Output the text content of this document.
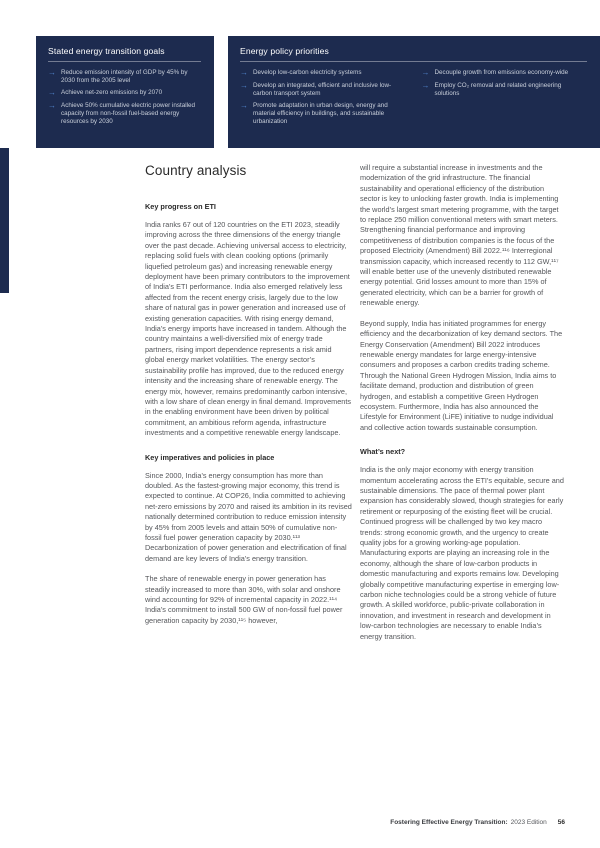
Stated energy transition goals
→ Reduce emission intensity of GDP by 45% by 2030 from the 2005 level
→ Achieve net-zero emissions by 2070
→ Achieve 50% cumulative electric power installed capacity from non-fossil fuel-based energy resources by 2030
Energy policy priorities
→ Develop low-carbon electricity systems
→ Develop an integrated, efficient and inclusive low-carbon transport system
→ Promote adaptation in urban design, energy and material efficiency in buildings, and sustainable urbanization
→ Decouple growth from emissions economy-wide
→ Employ CO₂ removal and related engineering solutions
Country analysis
Key progress on ETI

India ranks 67 out of 120 countries on the ETI 2023, steadily improving across the three dimensions of the energy triangle over the past decade. Achieving universal access to electricity, replacing solid fuels with clean cooking options (primarily liquefied petroleum gas) and increasing renewable energy deployment have been primary contributors to the improvement of India’s ETI performance. India also emerged relatively less affected from the recent energy crisis, largely due to the low share of natural gas in power generation and increased use of existing generation capacities. With rising energy demand, India’s energy imports have increased in tandem. Although the country maintains a well-diversified mix of energy trade partners, rising import dependence represents a risk amid global energy market volatilities. The energy sector’s sustainability profile has improved, due to the reduced energy intensity and the increasing share of renewable energy. The energy mix, however, remains predominantly carbon intensive, with a low share of clean energy in final demand. Improvements in the enabling environment have been driven by political commitment, an ambitious reform agenda, infrastructure investments and a competitive renewable energy landscape.

Key imperatives and policies in place

Since 2000, India’s energy consumption has more than doubled. As the fastest-growing major economy, this trend is expected to continue. At COP26, India committed to achieving net-zero emissions by 2070 and raised its ambition in its revised nationally determined contribution to reduce emission intensity by 45% from 2005 levels and attain 50% of cumulative non-fossil fuel power generation capacity by 2030.¹¹³ Decarbonization of power generation and electrification of final demand are key levers of India’s energy transition.

The share of renewable energy in power generation has steadily increased to more than 30%, with solar and onshore wind accounting for 92% of incremental capacity in 2022.¹¹⁴ India’s commitment to install 500 GW of non-fossil fuel power generation capacity by 2030,¹¹⁵ however,

will require a substantial increase in investments and the modernization of the grid infrastructure. The financial sustainability and operational efficiency of the distribution sector is key to unlocking faster growth. India is implementing the world’s largest smart metering programme, with the target to replace 250 million conventional meters with smart meters. Strengthening financial performance and improving competitiveness of distribution companies is the focus of the proposed Electricity (Amendment) Bill 2022.¹¹⁶ Interregional transmission capacity, which increased recently to 112 GW,¹¹⁷ will enable better use of the unevenly distributed renewable energy potential. Grid losses amount to more than 15% of generated electricity, which can be a barrier for growth of renewable energy.

Beyond supply, India has initiated programmes for energy efficiency and the decarbonization of key demand sectors. The Energy Conservation (Amendment) Bill 2022 introduces renewable energy mandates for large energy-intensive consumers and proposes a carbon credits trading scheme. Through the National Green Hydrogen Mission, India aims to facilitate demand, production and distribution of green hydrogen, and establish a competitive Green Hydrogen ecosystem. Furthermore, India has also announced the Lifestyle for Environment (LiFE) initiative to nudge individual and collective action towards sustainable consumption.

What’s next?

India is the only major economy with energy transition momentum accelerating across the ETI’s equitable, secure and sustainable dimensions. The pace of thermal power plant expansion has considerably slowed, though strategies for early retirement or repurposing of the existing fleet will be crucial. Continued progress will be challenged by two key macro trends: strong economic growth, and the urgency to create quality jobs for a growing working-age population. Manufacturing exports are playing an increasing role in the economy, although the share of low-carbon products in domestic manufacturing and exports remains low. Developing globally competitive manufacturing expertise in emerging low-carbon niche technologies could be a strong vehicle of future growth. A skilled workforce, public-private collaboration in innovation, and investment in research and development in low-carbon technologies are necessary to enable India’s energy transition.

Fostering Effective Energy Transition: 2023 Edition 56
